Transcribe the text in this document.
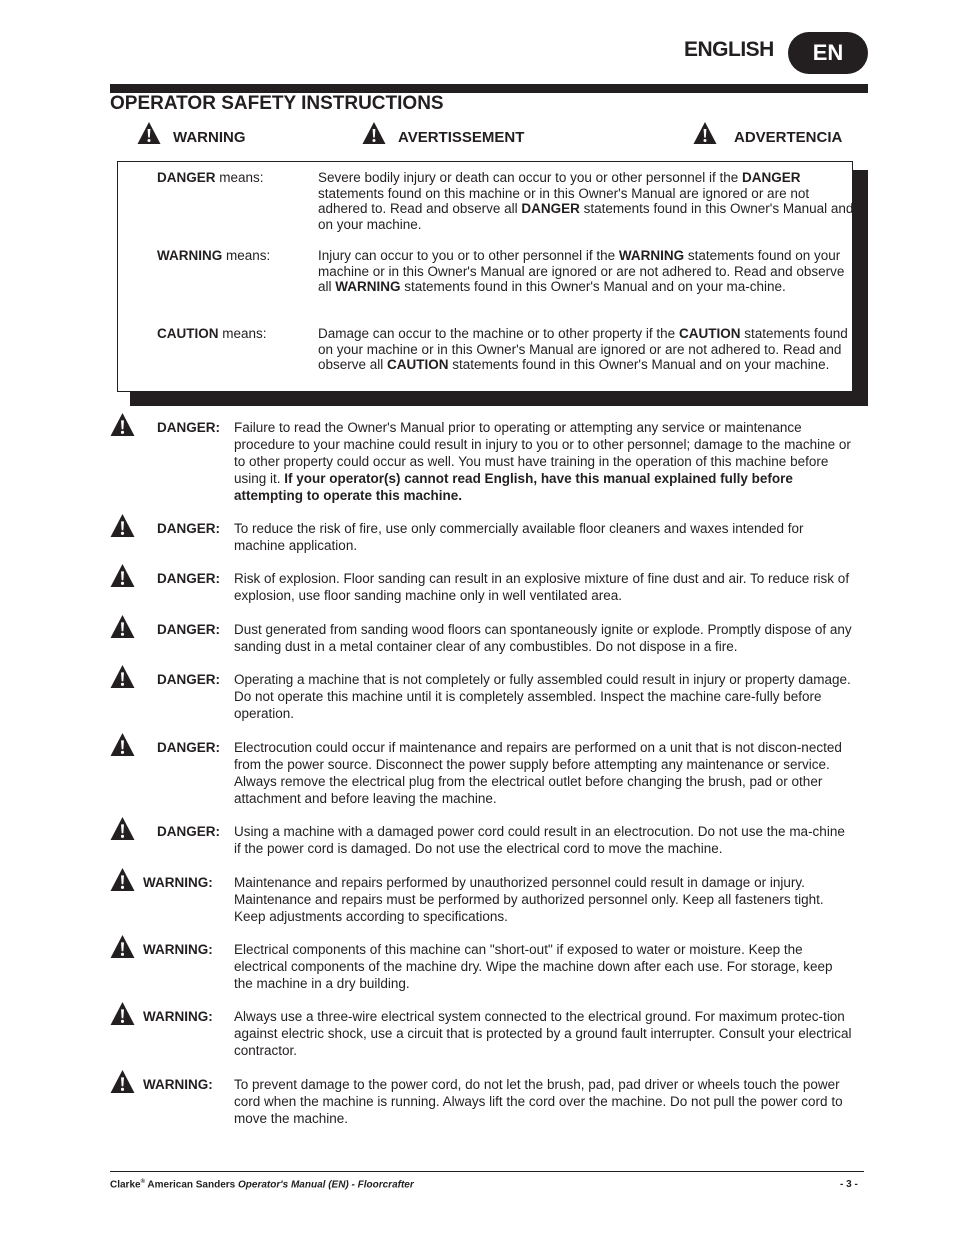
ENGLISH	EN
OPERATOR SAFETY INSTRUCTIONS
WARNING	AVERTISSEMENT	ADVERTENCIA
DANGER means:	Severe bodily injury or death can occur to you or other personnel if the DANGER statements found on this machine or in this Owner's Manual are ignored or are not adhered to. Read and observe all DANGER statements found in this Owner's Manual and on your machine.
WARNING means:	Injury can occur to you or to other personnel if the WARNING statements found on your machine or in this Owner's Manual are ignored or are not adhered to. Read and observe all WARNING statements found in this Owner's Manual and on your ma-chine.
CAUTION means:	Damage can occur to the machine or to other property if the CAUTION statements found on your machine or in this Owner's Manual are ignored or are not adhered to. Read and observe all CAUTION statements found in this Owner's Manual and on your machine.
DANGER: Failure to read the Owner's Manual prior to operating or attempting any service or maintenance procedure to your machine could result in injury to you or to other personnel; damage to the machine or to other property could occur as well. You must have training in the operation of this machine before using it. If your operator(s) cannot read English, have this manual explained fully before attempting to operate this machine.
DANGER: To reduce the risk of fire, use only commercially available floor cleaners and waxes intended for machine application.
DANGER: Risk of explosion. Floor sanding can result in an explosive mixture of fine dust and air. To reduce risk of explosion, use floor sanding machine only in well ventilated area.
DANGER: Dust generated from sanding wood floors can spontaneously ignite or explode. Promptly dispose of any sanding dust in a metal container clear of any combustibles. Do not dispose in a fire.
DANGER: Operating a machine that is not completely or fully assembled could result in injury or property damage. Do not operate this machine until it is completely assembled. Inspect the machine care-fully before operation.
DANGER: Electrocution could occur if maintenance and repairs are performed on a unit that is not discon-nected from the power source. Disconnect the power supply before attempting any maintenance or service. Always remove the electrical plug from the electrical outlet before changing the brush, pad or other attachment and before leaving the machine.
DANGER: Using a machine with a damaged power cord could result in an electrocution. Do not use the ma-chine if the power cord is damaged. Do not use the electrical cord to move the machine.
WARNING: Maintenance and repairs performed by unauthorized personnel could result in damage or injury. Maintenance and repairs must be performed by authorized personnel only. Keep all fasteners tight. Keep adjustments according to specifications.
WARNING: Electrical components of this machine can "short-out" if exposed to water or moisture. Keep the electrical components of the machine dry. Wipe the machine down after each use. For storage, keep the machine in a dry building.
WARNING: Always use a three-wire electrical system connected to the electrical ground. For maximum protec-tion against electric shock, use a circuit that is protected by a ground fault interrupter. Consult your electrical contractor.
WARNING: To prevent damage to the power cord, do not let the brush, pad, pad driver or wheels touch the power cord when the machine is running. Always lift the cord over the machine. Do not pull the power cord to move the machine.
Clarke® American Sanders Operator's Manual (EN) - Floorcrafter	- 3 -
